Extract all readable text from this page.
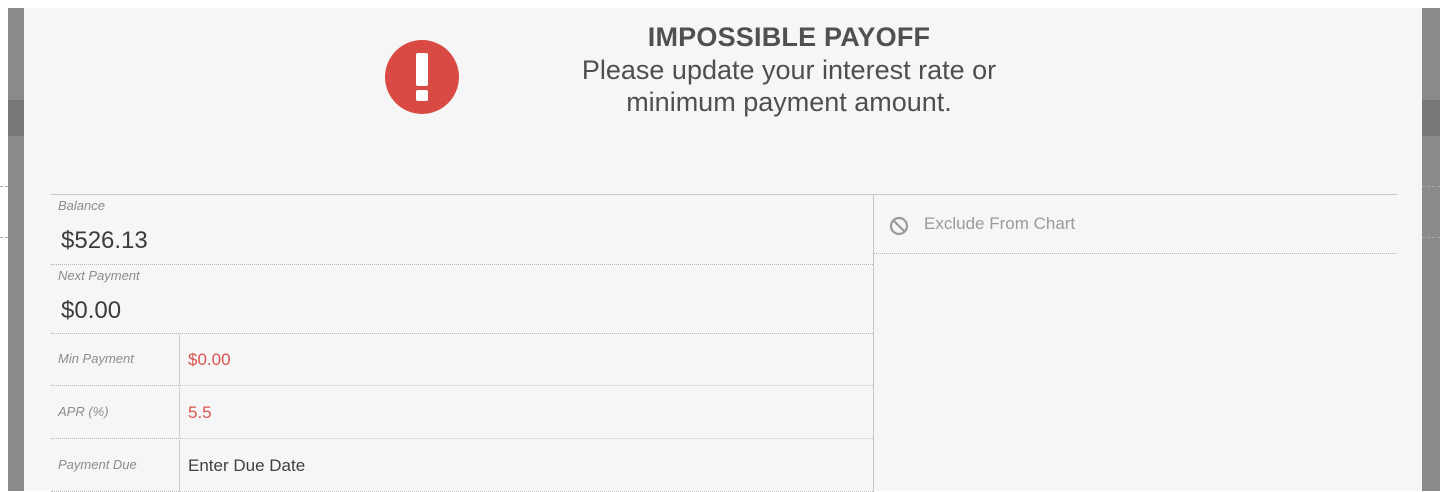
IMPOSSIBLE PAYOFF
Please update your interest rate or
minimum payment amount.
Balance
$526.13
Next Payment
$0.00
Min Payment	$0.00
APR (%)	5.5
Payment Due	Enter Due Date
Exclude From Chart
